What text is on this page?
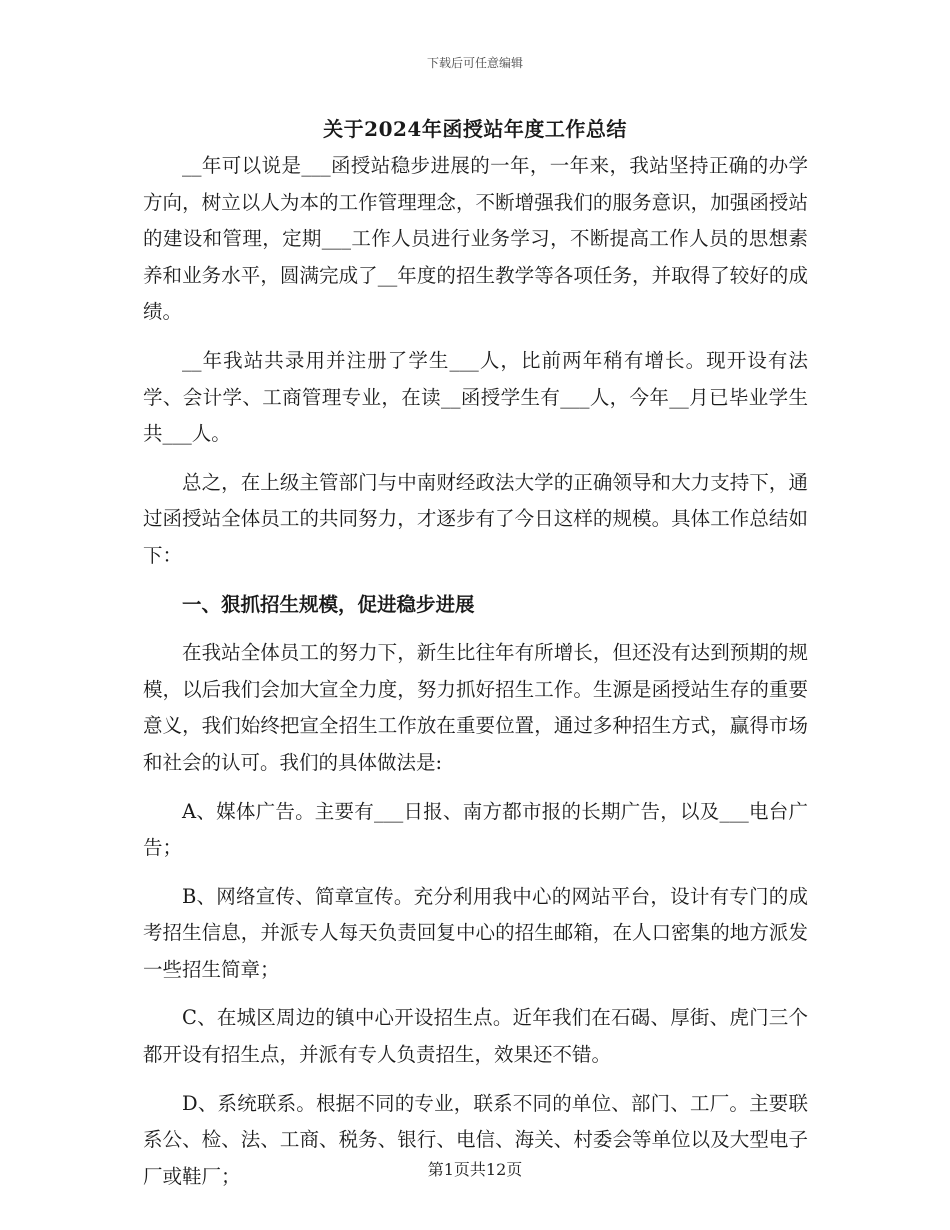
下载后可任意编辑
关于2024年函授站年度工作总结

__年可以说是___函授站稳步进展的一年，一年来，我站坚持正确的办学方向，树立以人为本的工作管理理念，不断增强我们的服务意识，加强函授站的建设和管理，定期___工作人员进行业务学习，不断提高工作人员的思想素养和业务水平，圆满完成了__年度的招生教学等各项任务，并取得了较好的成绩。

__年我站共录用并注册了学生___人，比前两年稍有增长。现开设有法学、会计学、工商管理专业，在读__函授学生有___人，今年__月已毕业学生共___人。

总之，在上级主管部门与中南财经政法大学的正确领导和大力支持下，通过函授站全体员工的共同努力，才逐步有了今日这样的规模。具体工作总结如下：

一、狠抓招生规模，促进稳步进展

在我站全体员工的努力下，新生比往年有所增长，但还没有达到预期的规模，以后我们会加大宣全力度，努力抓好招生工作。生源是函授站生存的重要意义，我们始终把宣全招生工作放在重要位置，通过多种招生方式，赢得市场和社会的认可。我们的具体做法是:

A、媒体广告。主要有___日报、南方都市报的长期广告，以及___电台广告；

B、网络宣传、简章宣传。充分利用我中心的网站平台，设计有专门的成考招生信息，并派专人每天负责回复中心的招生邮箱，在人口密集的地方派发一些招生简章；

C、在城区周边的镇中心开设招生点。近年我们在石碣、厚街、虎门三个都开设有招生点，并派有专人负责招生，效果还不错。

D、系统联系。根据不同的专业，联系不同的单位、部门、工厂。主要联系公、检、法、工商、税务、银行、电信、海关、村委会等单位以及大型电子厂或鞋厂；	第1页共12页
